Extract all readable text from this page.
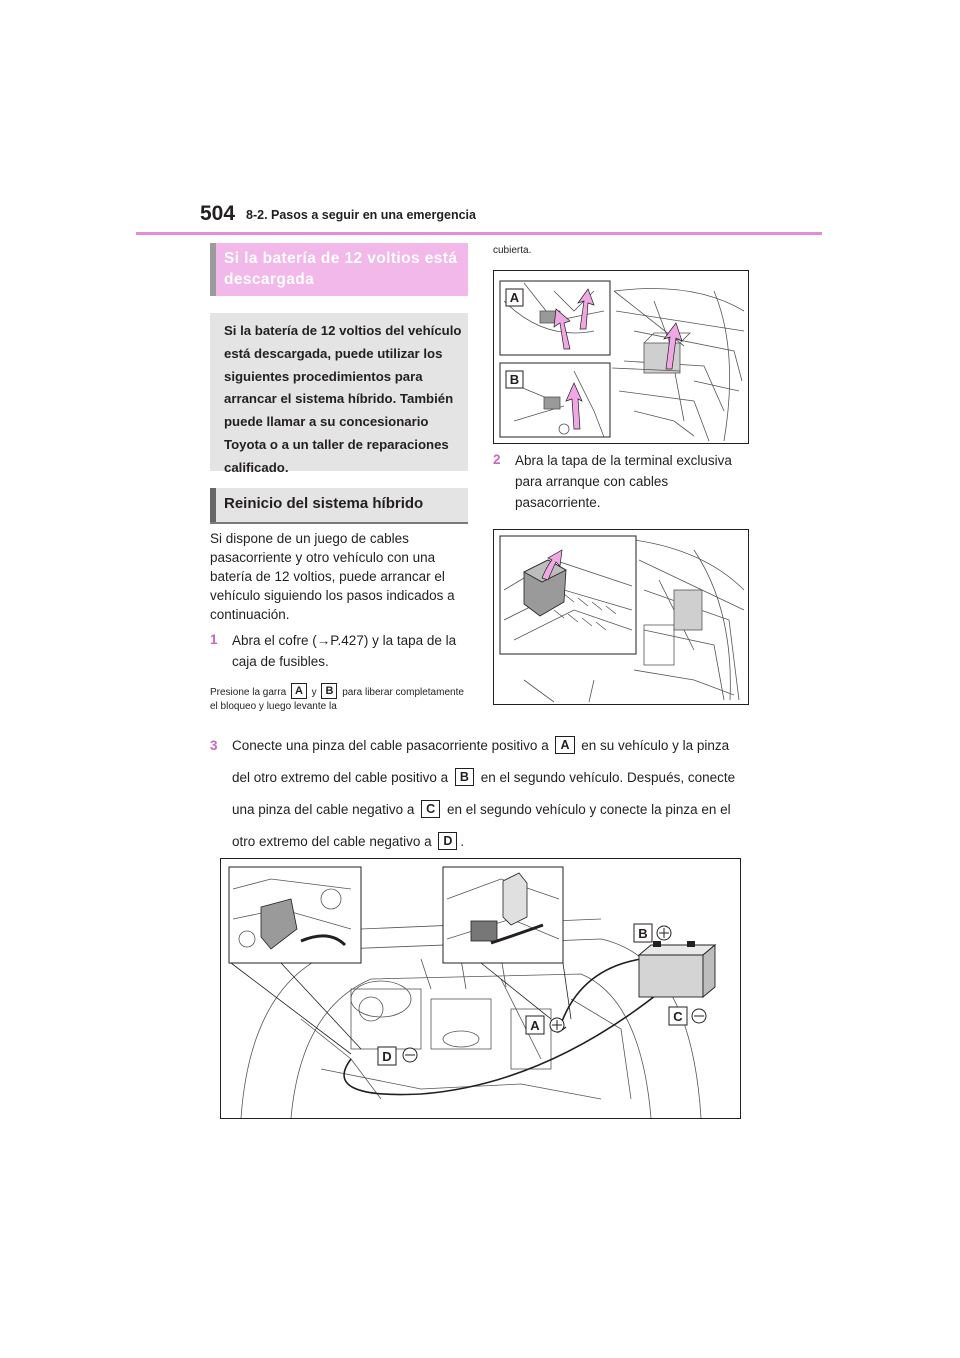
504 8-2. Pasos a seguir en una emergencia
Si la batería de 12 voltios está descargada
Si la batería de 12 voltios del vehículo está descargada, puede utilizar los siguientes procedimientos para arrancar el sistema híbrido. También puede llamar a su concesionario Toyota o a un taller de reparaciones calificado.
Reinicio del sistema híbrido
Si dispone de un juego de cables pasacorriente y otro vehículo con una batería de 12 voltios, puede arrancar el vehículo siguiendo los pasos indicados a continuación.
1	Abra el cofre (→P.427) y la tapa de la caja de fusibles.
Presione la garra A y B para liberar completamente el bloqueo y luego levante la
cubierta.
A
B
2	Abra la tapa de la terminal exclusiva para arranque con cables pasacorriente.
3	Conecte una pinza del cable pasacorriente positivo a A en su vehículo y la pinza del otro extremo del cable positivo a B en el segundo vehículo. Después, conecte una pinza del cable negativo a C en el segundo vehículo y conecte la pinza en el otro extremo del cable negativo a D .
B
C
A
D
